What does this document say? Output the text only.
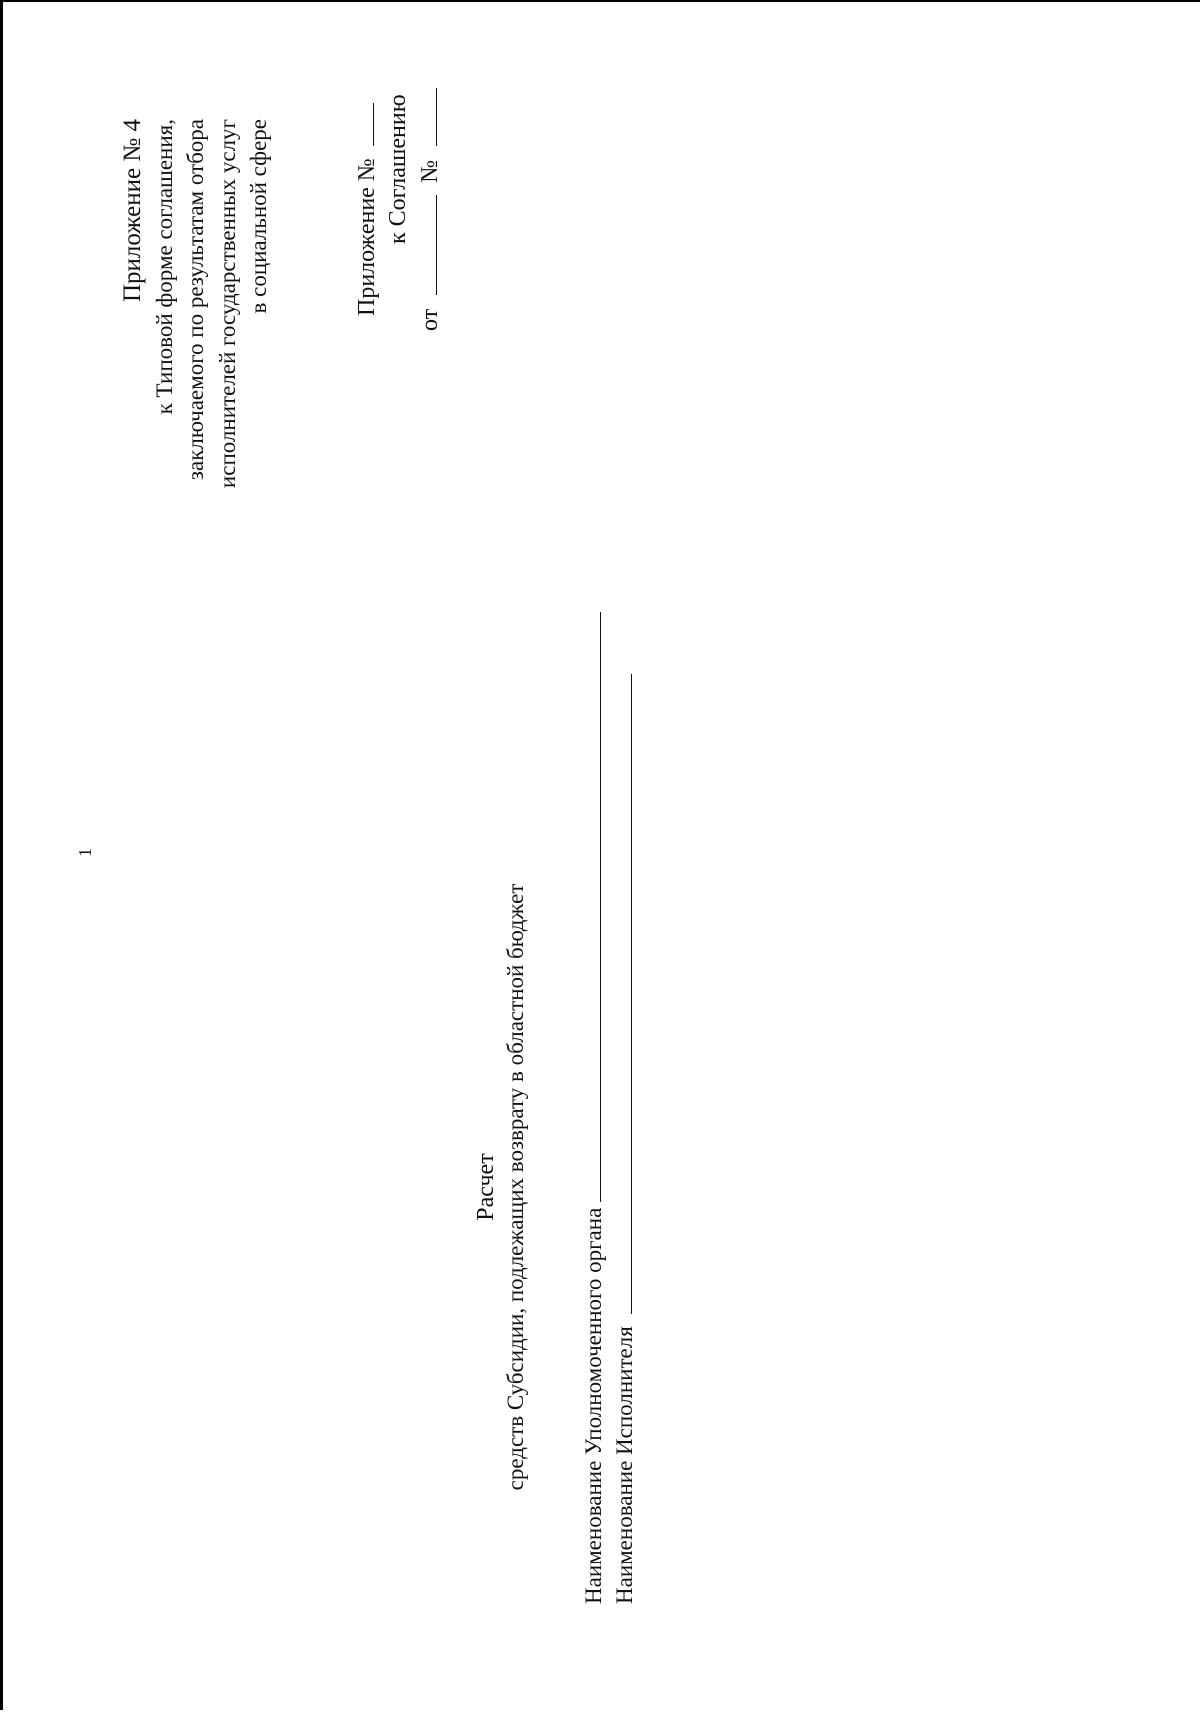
1
Приложение № 4 к Типовой форме соглашения, заключаемого по результатам отбора исполнителей государственных услуг в социальной сфере	Приложение № к Соглашению
от  №
Расчет средств Субсидии, подлежащих возврату в областной бюджет Наименование Уполномоченного органа Наименование Исполнителя
